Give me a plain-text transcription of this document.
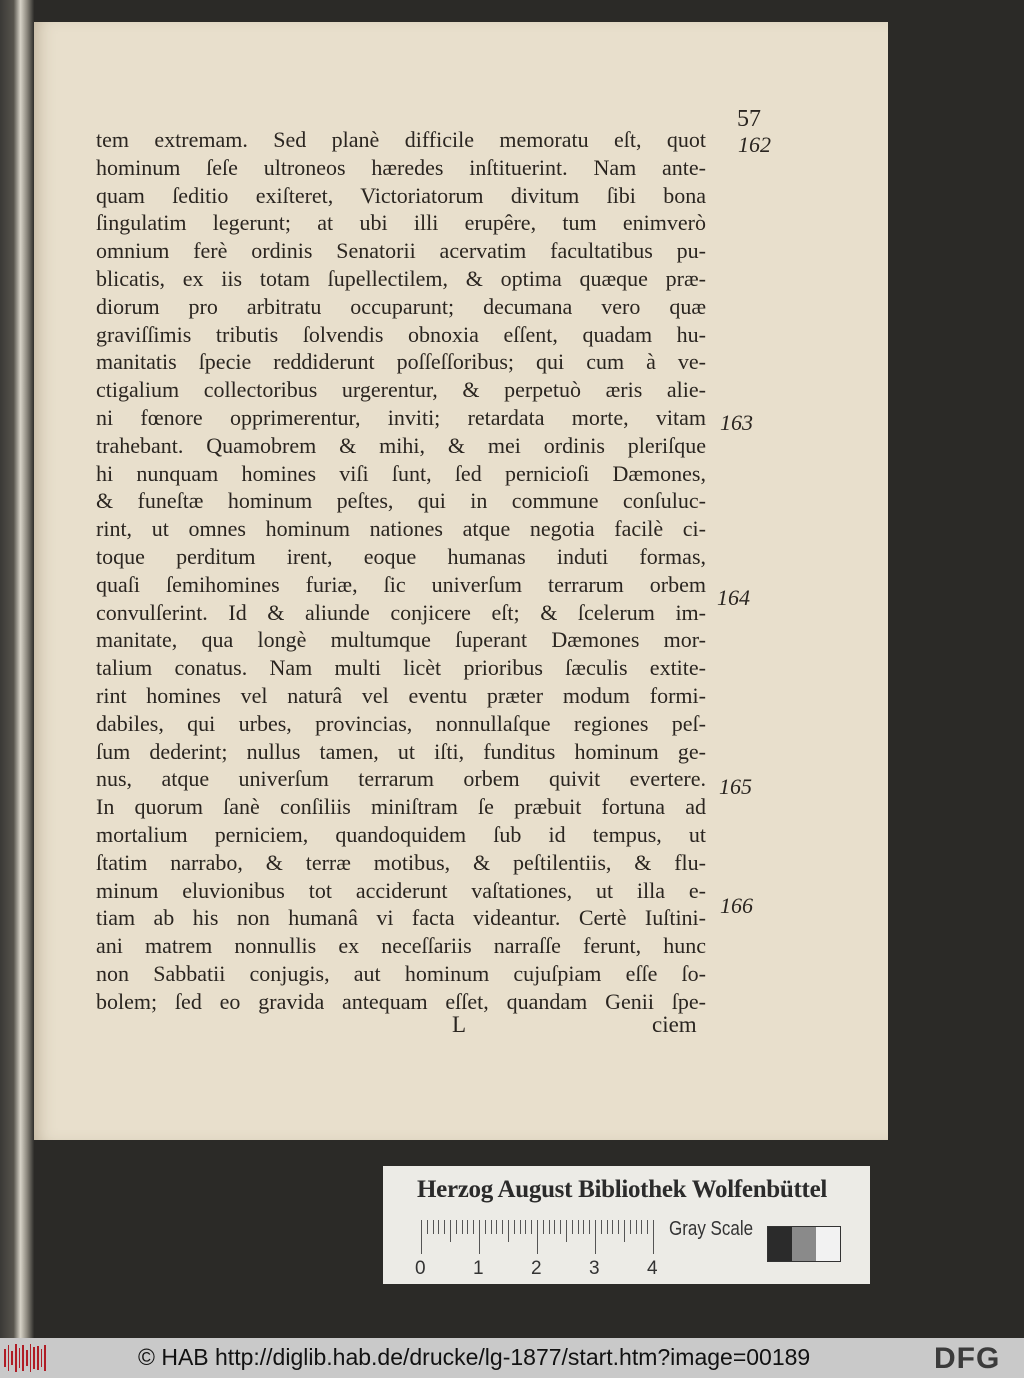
tem extremam. Sed planè difficile memoratu eſt, quot
hominum ſeſe ultroneos hæredes inſtituerint. Nam ante-
quam ſeditio exiſteret, Victoriatorum divitum ſibi bona
ſingulatim legerunt; at ubi illi erupêre, tum enimverò
omnium ferè ordinis Senatorii acervatim facultatibus pu-
blicatis, ex iis totam ſupellectilem, & optima quæque præ-
diorum pro arbitratu occuparunt; decumana vero quæ
graviſſimis tributis ſolvendis obnoxia eſſent, quadam hu-
manitatis ſpecie reddiderunt poſſeſſoribus; qui cum à ve-
ctigalium collectoribus urgerentur, & perpetuò æris alie-
ni fœnore opprimerentur, inviti; retardata morte, vitam
trahebant. Quamobrem & mihi, & mei ordinis pleriſque
hi nunquam homines viſi ſunt, ſed pernicioſi Dæmones,
& funeſtæ hominum peſtes, qui in commune conſuluc-
rint, ut omnes hominum nationes atque negotia facilè ci-
toque perditum irent, eoque humanas induti formas,
quaſi ſemihomines furiæ, ſic univerſum terrarum orbem
convulſerint. Id & aliunde conjicere eſt; & ſcelerum im-
manitate, qua longè multumque ſuperant Dæmones mor-
talium conatus. Nam multi licèt prioribus ſæculis extite-
rint homines vel naturâ vel eventu præter modum formi-
dabiles, qui urbes, provincias, nonnullaſque regiones peſ-
ſum dederint; nullus tamen, ut iſti, funditus hominum ge-
nus, atque univerſum terrarum orbem quivit evertere.
In quorum ſanè conſiliis miniſtram ſe præbuit fortuna ad
mortalium perniciem, quandoquidem ſub id tempus, ut
ſtatim narrabo, & terræ motibus, & peſtilentiis, & flu-
minum eluvionibus tot acciderunt vaſtationes, ut illa e-
tiam ab his non humanâ vi facta videantur. Certè Iuſtini-
ani matrem nonnullis ex neceſſariis narraſſe ferunt, hunc
non Sabbatii conjugis, aut hominum cujuſpiam eſſe ſo-
bolem; ſed eo gravida antequam eſſet, quandam Genii ſpe-
57
162
163
164
165
166
L	ciem
Herzog August Bibliothek Wolfenbüttel
0 1 2 3 4
Gray Scale
© HAB http://diglib.hab.de/drucke/lg-1877/start.htm?image=00189	DFG
